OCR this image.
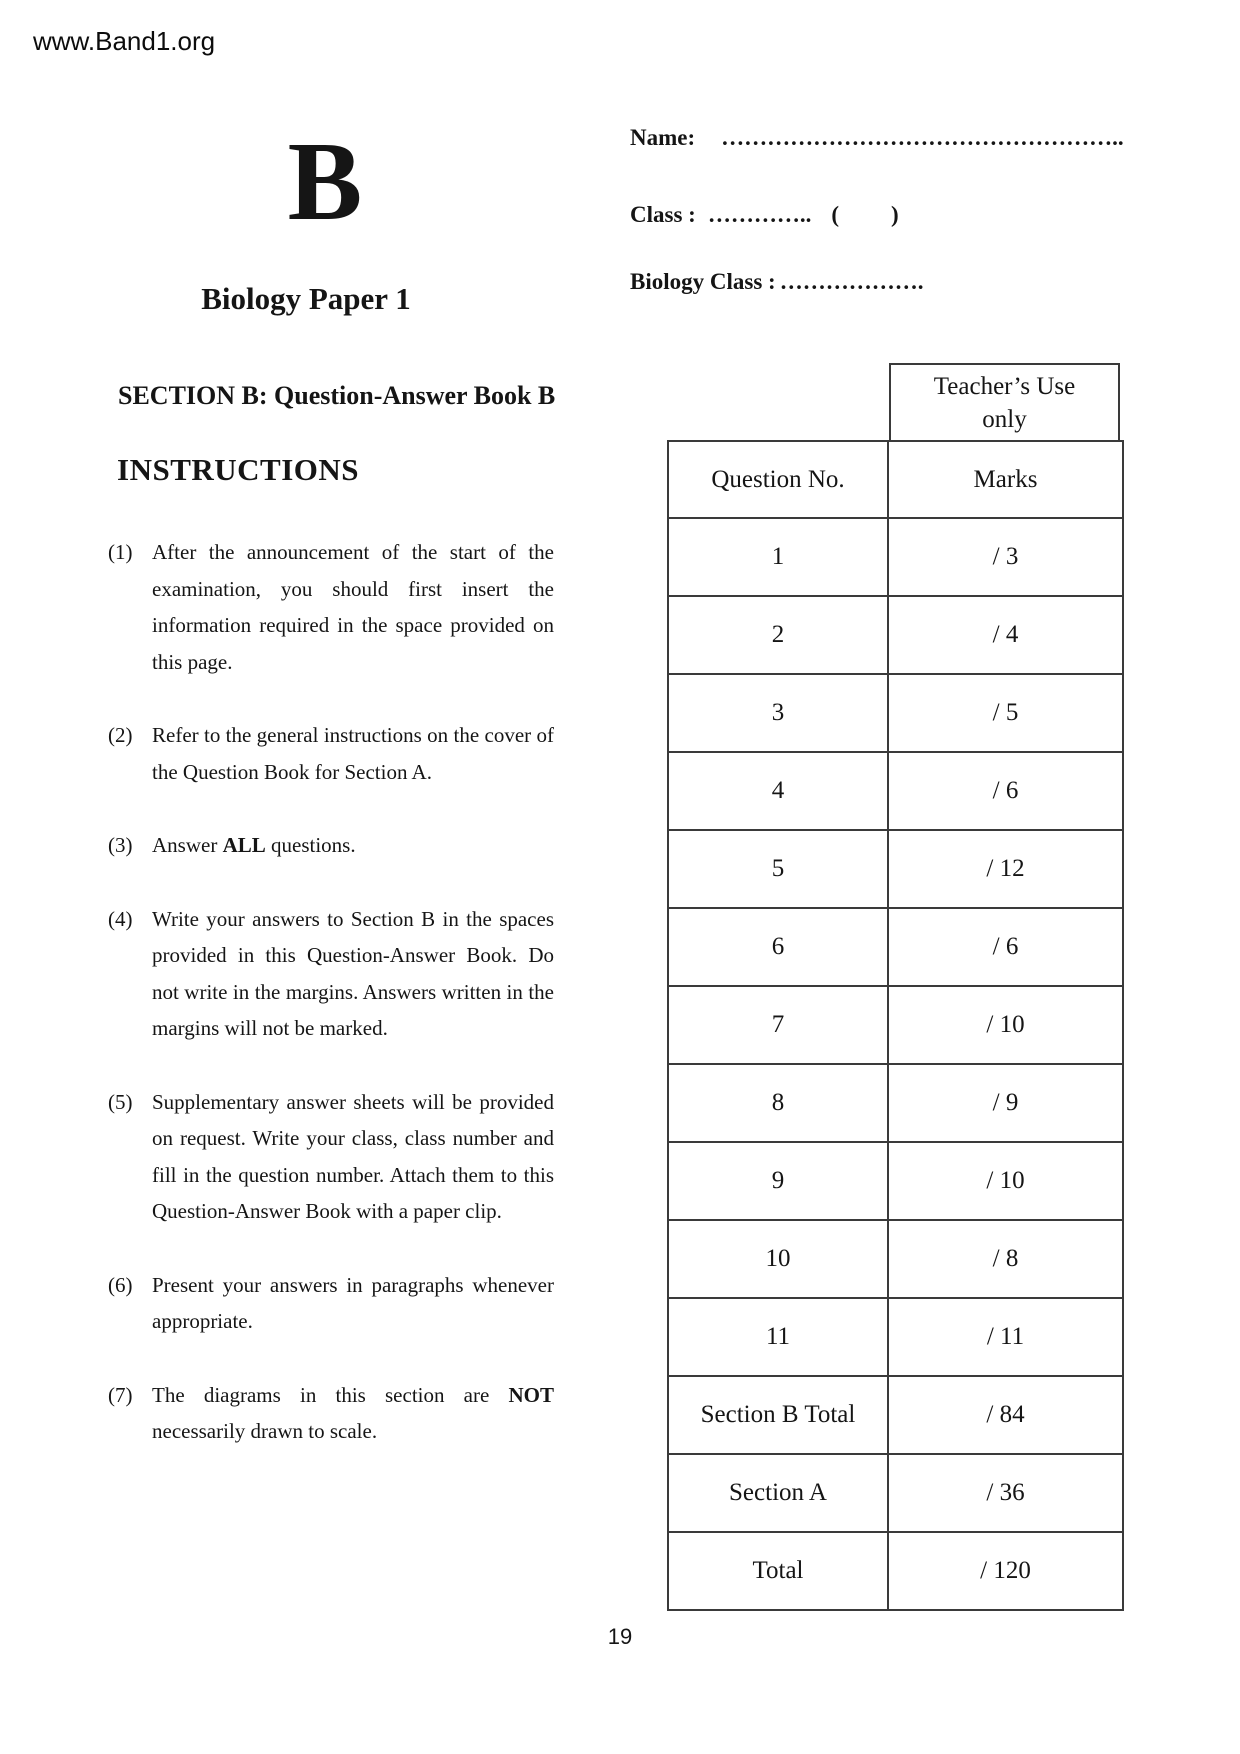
www.Band1.org
B
Biology Paper 1
Name: ……………………………………………..
Class : ………….. ( )
Biology Class : ……………….
SECTION B: Question-Answer Book B
INSTRUCTIONS
(1) After the announcement of the start of the examination, you should first insert the information required in the space provided on this page.
(2) Refer to the general instructions on the cover of the Question Book for Section A.
(3) Answer ALL questions.
(4) Write your answers to Section B in the spaces provided in this Question-Answer Book. Do not write in the margins. Answers written in the margins will not be marked.
(5) Supplementary answer sheets will be provided on request. Write your class, class number and fill in the question number. Attach them to this Question-Answer Book with a paper clip.
(6) Present your answers in paragraphs whenever appropriate.
(7) The diagrams in this section are NOT necessarily drawn to scale.
Teacher’s Use
only
Question No.	Marks
1	/ 3
2	/ 4
3	/ 5
4	/ 6
5	/ 12
6	/ 6
7	/ 10
8	/ 9
9	/ 10
10	/ 8
11	/ 11
Section B Total	/ 84
Section A	/ 36
Total	/ 120
19
